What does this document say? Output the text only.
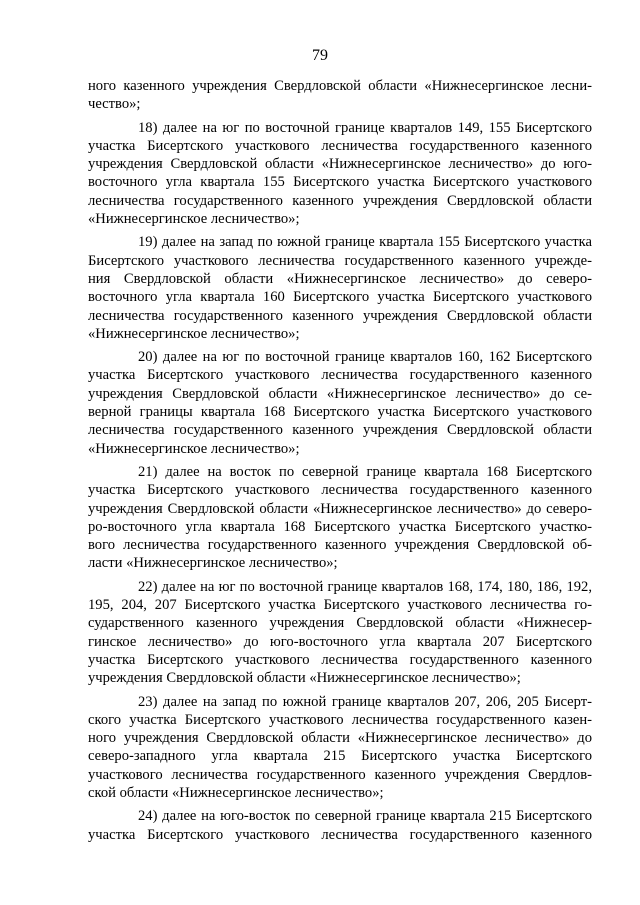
79
ного казенного учреждения Свердловской области «Нижнесергинское лесни-
чество»;
18) далее на юг по восточной границе кварталов 149, 155 Бисертского
участка Бисертского участкового лесничества государственного казенного
учреждения Свердловской области «Нижнесергинское лесничество» до юго-
восточного угла квартала 155 Бисертского участка Бисертского участкового
лесничества государственного казенного учреждения Свердловской области
«Нижнесергинское лесничество»;
19) далее на запад по южной границе квартала 155 Бисертского участка
Бисертского участкового лесничества государственного казенного учрежде-
ния Свердловской области «Нижнесергинское лесничество» до северо-
восточного угла квартала 160 Бисертского участка Бисертского участкового
лесничества государственного казенного учреждения Свердловской области
«Нижнесергинское лесничество»;
20) далее на юг по восточной границе кварталов 160, 162 Бисертского
участка Бисертского участкового лесничества государственного казенного
учреждения Свердловской области «Нижнесергинское лесничество» до се-
верной границы квартала 168 Бисертского участка Бисертского участкового
лесничества государственного казенного учреждения Свердловской области
«Нижнесергинское лесничество»;
21) далее на восток по северной границе квартала 168 Бисертского
участка Бисертского участкового лесничества государственного казенного
учреждения Свердловской области «Нижнесергинское лесничество» до северо-
ро-восточного угла квартала 168 Бисертского участка Бисертского участко-
вого лесничества государственного казенного учреждения Свердловской об-
ласти «Нижнесергинское лесничество»;
22) далее на юг по восточной границе кварталов 168, 174, 180, 186, 192,
195, 204, 207 Бисертского участка Бисертского участкового лесничества го-
сударственного казенного учреждения Свердловской области «Нижнесер-
гинское лесничество» до юго-восточного угла квартала 207 Бисертского
участка Бисертского участкового лесничества государственного казенного
учреждения Свердловской области «Нижнесергинское лесничество»;
23) далее на запад по южной границе кварталов 207, 206, 205 Бисерт-
ского участка Бисертского участкового лесничества государственного казен-
ного учреждения Свердловской области «Нижнесергинское лесничество» до
северо-западного угла квартала 215 Бисертского участка Бисертского
участкового лесничества государственного казенного учреждения Свердлов-
ской области «Нижнесергинское лесничество»;
24) далее на юго-восток по северной границе квартала 215 Бисертского
участка Бисертского участкового лесничества государственного казенного
